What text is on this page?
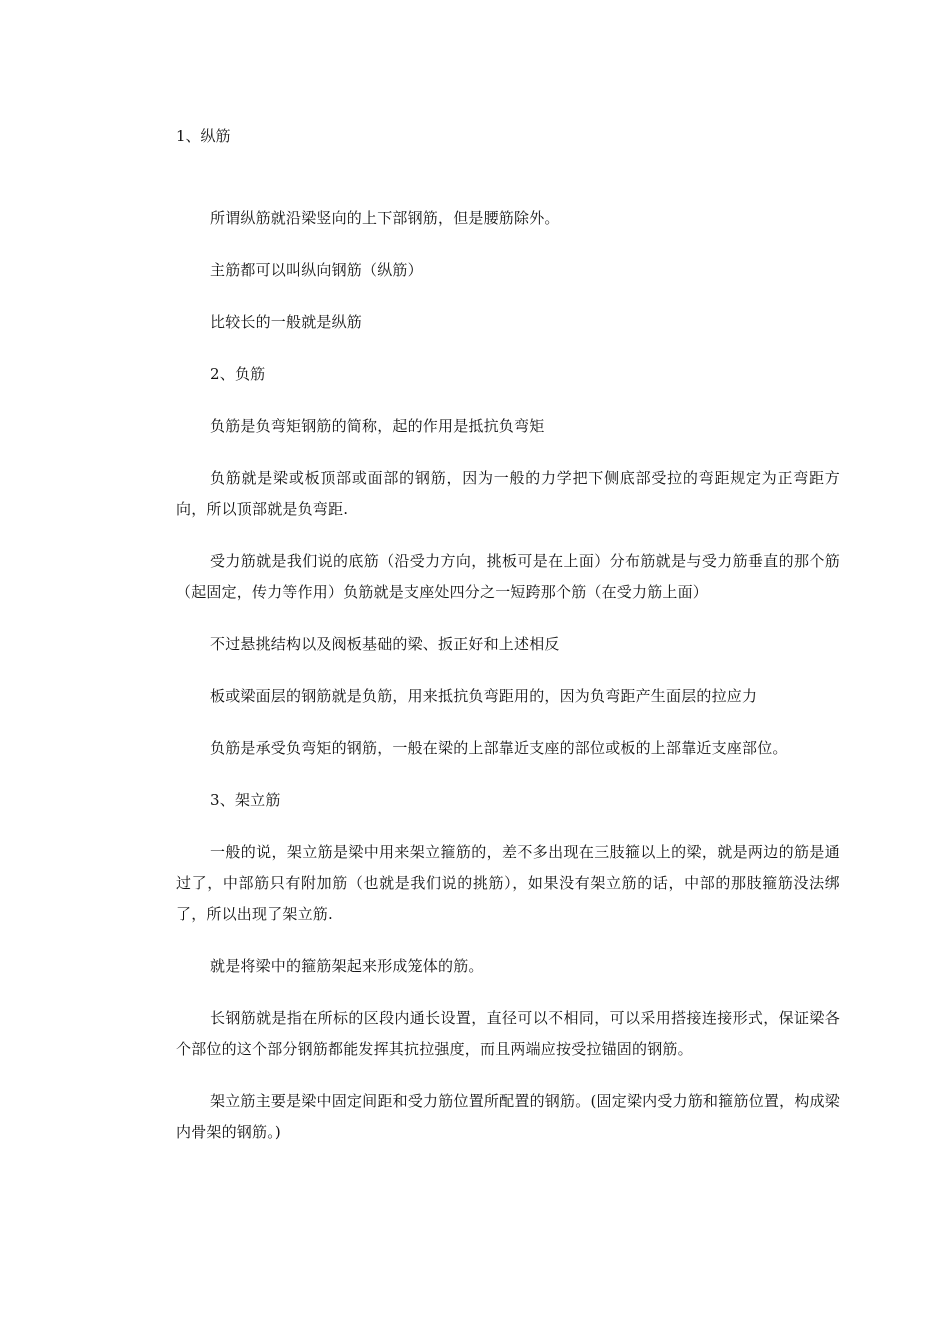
1、纵筋

所谓纵筋就沿梁竖向的上下部钢筋，但是腰筋除外。

主筋都可以叫纵向钢筋（纵筋）

比较长的一般就是纵筋

2、负筋

负筋是负弯矩钢筋的简称，起的作用是抵抗负弯矩

负筋就是梁或板顶部或面部的钢筋，因为一般的力学把下侧底部受拉的弯距规定为正弯距方向，所以顶部就是负弯距.

受力筋就是我们说的底筋（沿受力方向，挑板可是在上面）分布筋就是与受力筋垂直的那个筋（起固定，传力等作用）负筋就是支座处四分之一短跨那个筋（在受力筋上面）

不过悬挑结构以及阀板基础的梁、扳正好和上述相反

板或梁面层的钢筋就是负筋，用来抵抗负弯距用的，因为负弯距产生面层的拉应力

负筋是承受负弯矩的钢筋，一般在梁的上部靠近支座的部位或板的上部靠近支座部位。

3、架立筋

一般的说，架立筋是梁中用来架立箍筋的，差不多出现在三肢箍以上的梁，就是两边的筋是通过了，中部筋只有附加筋（也就是我们说的挑筋），如果没有架立筋的话，中部的那肢箍筋没法绑了，所以出现了架立筋.

就是将梁中的箍筋架起来形成笼体的筋。

长钢筋就是指在所标的区段内通长设置，直径可以不相同，可以采用搭接连接形式，保证梁各个部位的这个部分钢筋都能发挥其抗拉强度，而且两端应按受拉锚固的钢筋。

架立筋主要是梁中固定间距和受力筋位置所配置的钢筋。(固定梁内受力筋和箍筋位置，构成梁内骨架的钢筋。)
